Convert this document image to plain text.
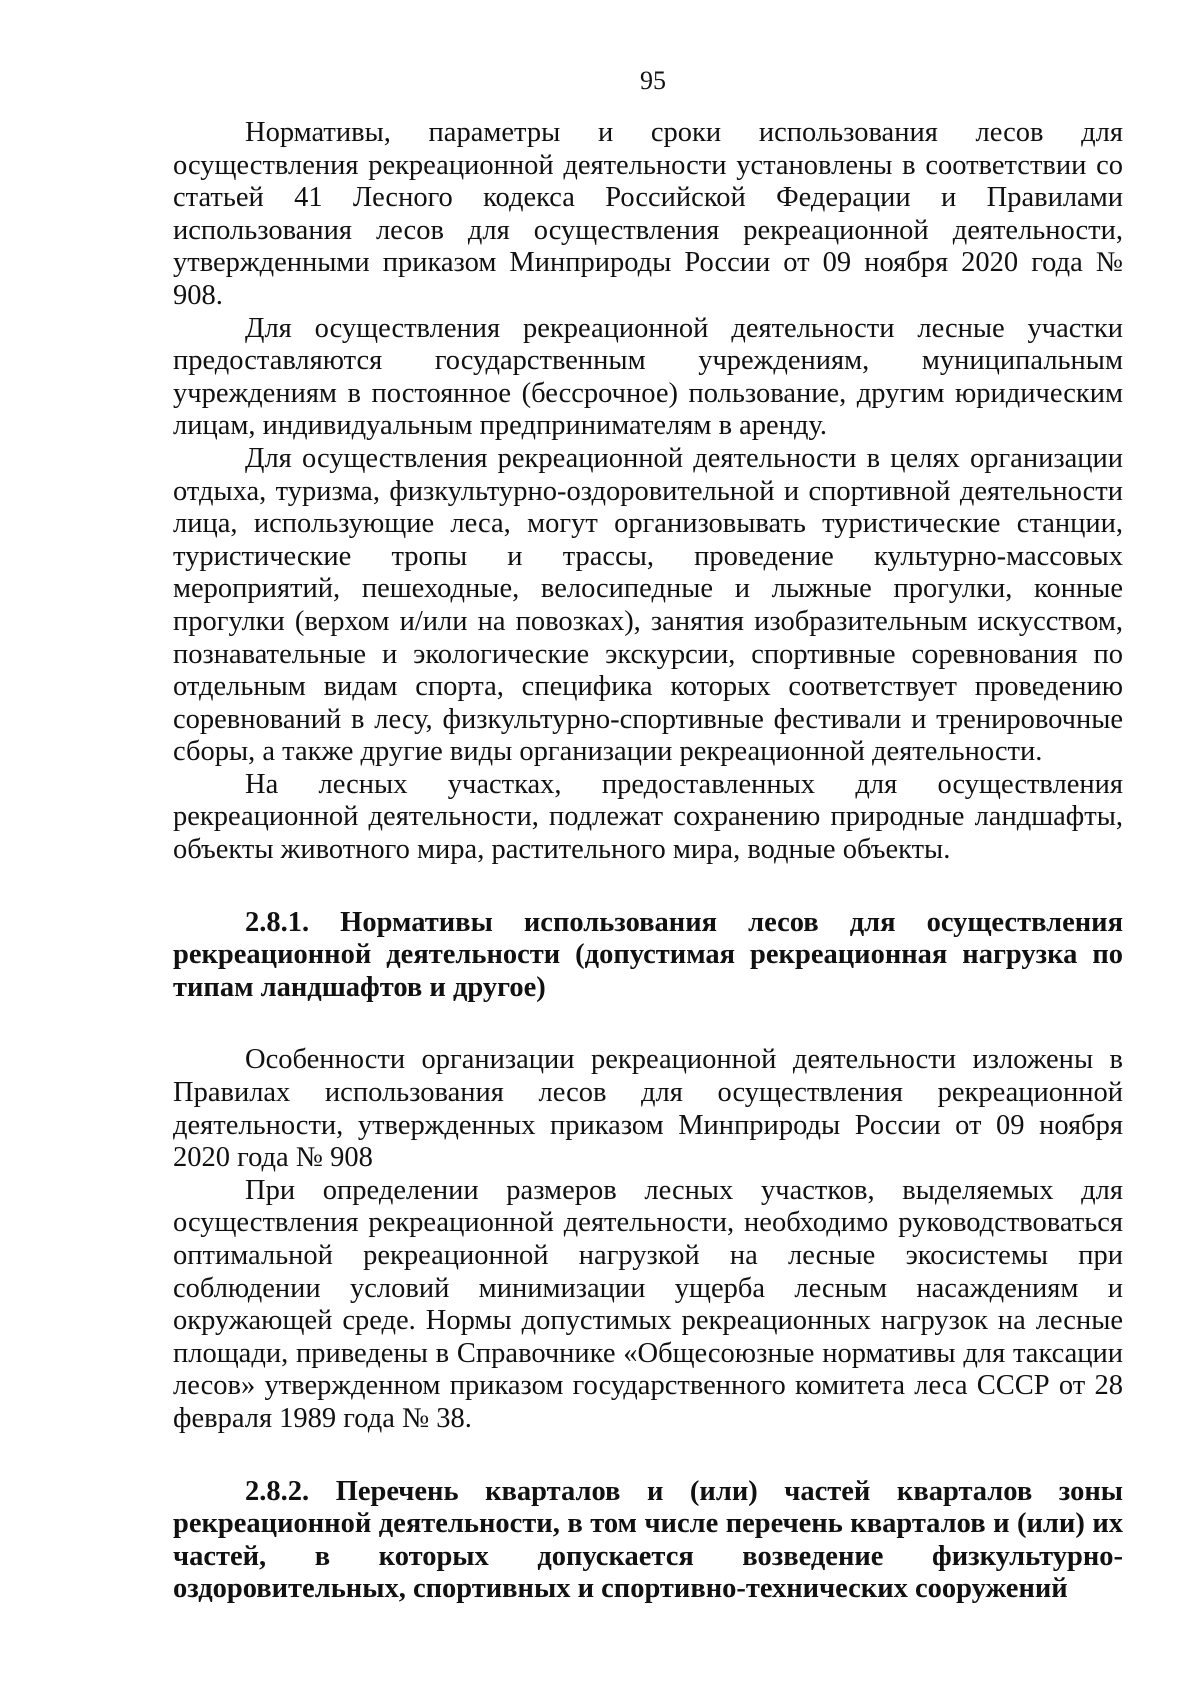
95

Нормативы, параметры и сроки использования лесов для осуществления рекреационной деятельности установлены в соответствии со статьей 41 Лесного кодекса Российской Федерации и Правилами использования лесов для осуществления рекреационной деятельности, утвержденными приказом Минприроды России от 09 ноября 2020 года № 908.

Для осуществления рекреационной деятельности лесные участки предоставляются государственным учреждениям, муниципальным учреждениям в постоянное (бессрочное) пользование, другим юридическим лицам, индивидуальным предпринимателям в аренду.

Для осуществления рекреационной деятельности в целях организации отдыха, туризма, физкультурно-оздоровительной и спортивной деятельности лица, использующие леса, могут организовывать туристические станции, туристические тропы и трассы, проведение культурно-массовых мероприятий, пешеходные, велосипедные и лыжные прогулки, конные прогулки (верхом и/или на повозках), занятия изобразительным искусством, познавательные и экологические экскурсии, спортивные соревнования по отдельным видам спорта, специфика которых соответствует проведению соревнований в лесу, физкультурно-спортивные фестивали и тренировочные сборы, а также другие виды организации рекреационной деятельности.

На лесных участках, предоставленных для осуществления рекреационной деятельности, подлежат сохранению природные ландшафты, объекты животного мира, растительного мира, водные объекты.

2.8.1. Нормативы использования лесов для осуществления рекреационной деятельности (допустимая рекреационная нагрузка по типам ландшафтов и другое)

Особенности организации рекреационной деятельности изложены в Правилах использования лесов для осуществления рекреационной деятельности, утвержденных приказом Минприроды России от 09 ноября 2020 года № 908

При определении размеров лесных участков, выделяемых для осуществления рекреационной деятельности, необходимо руководствоваться оптимальной рекреационной нагрузкой на лесные экосистемы при соблюдении условий минимизации ущерба лесным насаждениям и окружающей среде. Нормы допустимых рекреационных нагрузок на лесные площади, приведены в Справочнике «Общесоюзные нормативы для таксации лесов» утвержденном приказом государственного комитета леса СССР от 28 февраля 1989 года № 38.

2.8.2. Перечень кварталов и (или) частей кварталов зоны рекреационной деятельности, в том числе перечень кварталов и (или) их частей, в которых допускается возведение физкультурно-оздоровительных, спортивных и спортивно-технических сооружений
